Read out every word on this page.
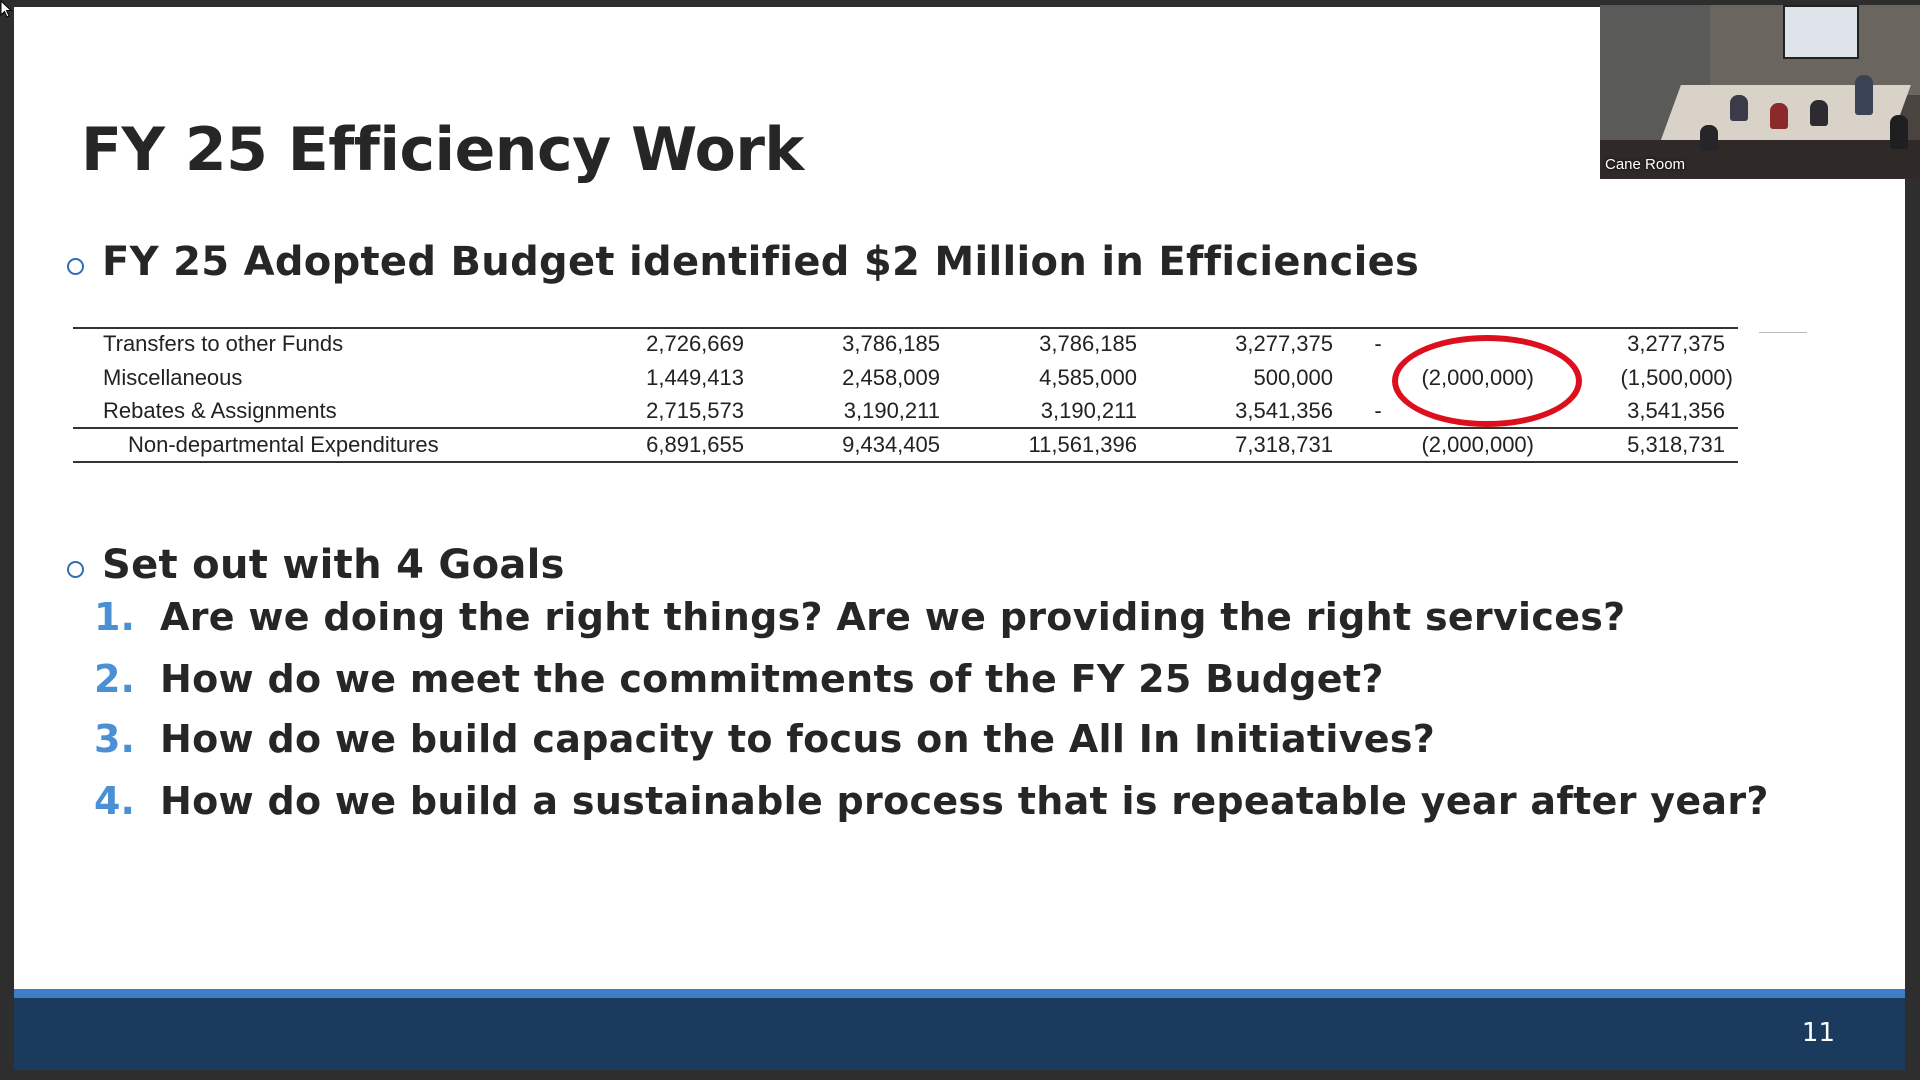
FY 25 Efficiency Work
FY 25 Adopted Budget identified $2 Million in Efficiencies

Transfers to other Funds	2,726,669	3,786,185	3,786,185	3,277,375	-	3,277,375
Miscellaneous	1,449,413	2,458,009	4,585,000	500,000	(2,000,000)	(1,500,000)
Rebates & Assignments	2,715,573	3,190,211	3,190,211	3,541,356	-	3,541,356
Non-departmental Expenditures	6,891,655	9,434,405	11,561,396	7,318,731	(2,000,000)	5,318,731
Set out with 4 Goals
1. Are we doing the right things? Are we providing the right services?
2. How do we meet the commitments of the FY 25 Budget?
3. How do we build capacity to focus on the All In Initiatives?
4. How do we build a sustainable process that is repeatable year after year?
11
Cane Room
